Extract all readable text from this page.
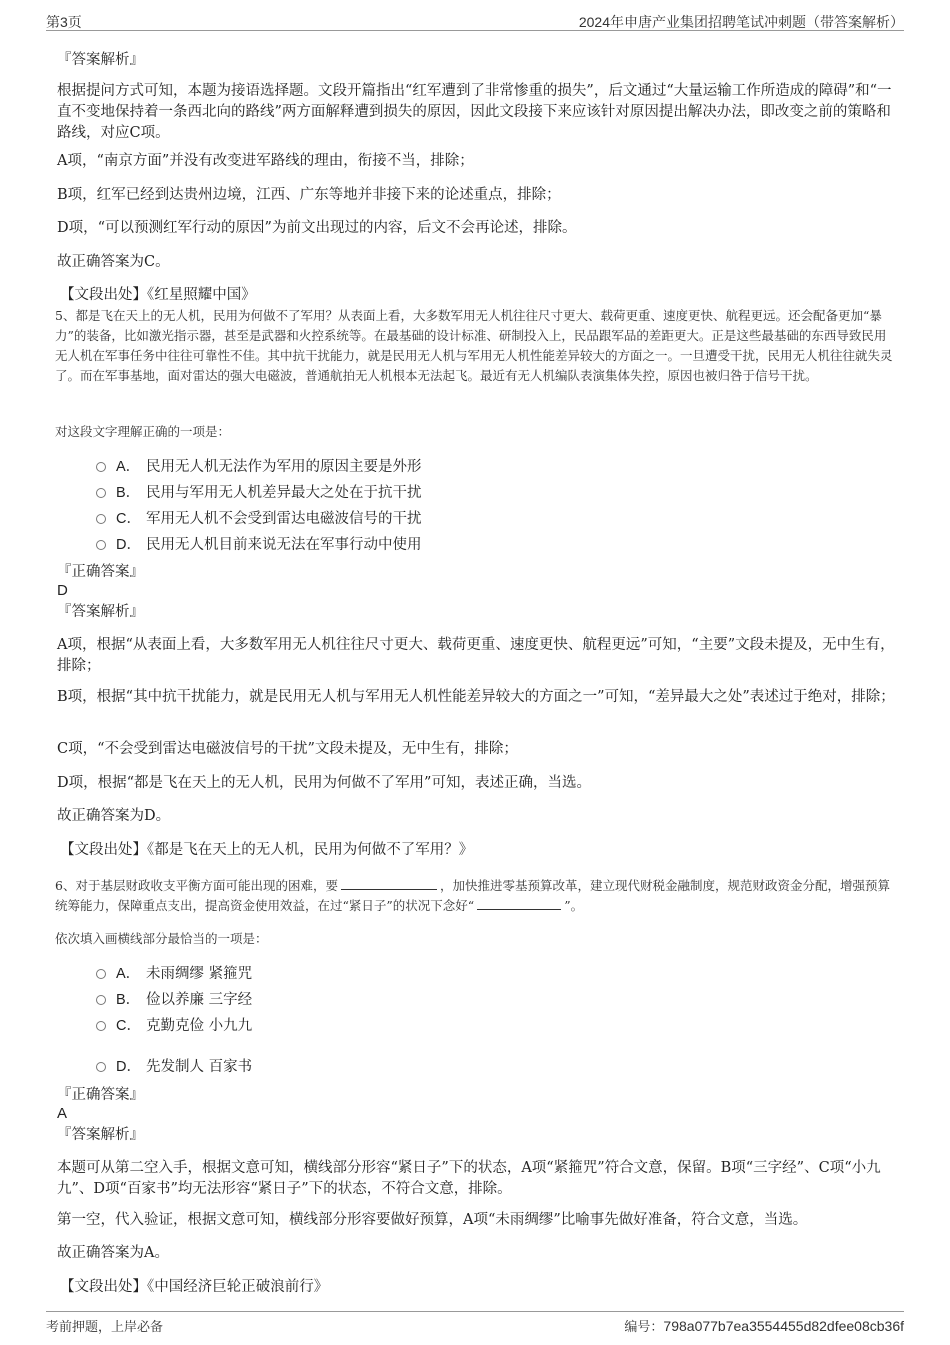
第3页	2024年申唐产业集团招聘笔试冲刺题（带答案解析）
『答案解析』
根据提问方式可知，本题为接语选择题。文段开篇指出“红军遭到了非常惨重的损失”，后文通过“大量运输工作所造成的障碍”和“一直不变地保持着一条西北向的路线”两方面解释遭到损失的原因，因此文段接下来应该针对原因提出解决办法，即改变之前的策略和路线，对应C项。
A项，“南京方面”并没有改变进军路线的理由，衔接不当，排除；
B项，红军已经到达贵州边境，江西、广东等地并非接下来的论述重点，排除；
D项，“可以预测红军行动的原因”为前文出现过的内容，后文不会再论述，排除。
故正确答案为C。
【文段出处】《红星照耀中国》
5、都是飞在天上的无人机，民用为何做不了军用？从表面上看，大多数军用无人机往往尺寸更大、载荷更重、速度更快、航程更远。还会配备更加“暴力”的装备，比如激光指示器，甚至是武器和火控系统等。在最基础的设计标准、研制投入上，民品跟军品的差距更大。正是这些最基础的东西导致民用无人机在军事任务中往往可靠性不佳。其中抗干扰能力，就是民用无人机与军用无人机性能差异较大的方面之一。一旦遭受干扰，民用无人机往往就失灵了。而在军事基地，面对雷达的强大电磁波，普通航拍无人机根本无法起飞。最近有无人机编队表演集体失控，原因也被归咎于信号干扰。
对这段文字理解正确的一项是：
A． 民用无人机无法作为军用的原因主要是外形
B． 民用与军用无人机差异最大之处在于抗干扰
C． 军用无人机不会受到雷达电磁波信号的干扰
D． 民用无人机目前来说无法在军事行动中使用
『正确答案』
D
『答案解析』
A项，根据“从表面上看，大多数军用无人机往往尺寸更大、载荷更重、速度更快、航程更远”可知，“主要”文段未提及，无中生有，排除；
B项，根据“其中抗干扰能力，就是民用无人机与军用无人机性能差异较大的方面之一”可知，“差异最大之处”表述过于绝对，排除；
C项，“不会受到雷达电磁波信号的干扰”文段未提及，无中生有，排除；
D项，根据“都是飞在天上的无人机，民用为何做不了军用”可知，表述正确，当选。
故正确答案为D。
【文段出处】《都是飞在天上的无人机，民用为何做不了军用？》
6、对于基层财政收支平衡方面可能出现的困难，要	，加快推进零基预算改革，建立现代财税金融制度，规范财政资金分配，增强预算统筹能力，保障重点支出，提高资金使用效益，在过“紧日子”的状况下念好“	”。
依次填入画横线部分最恰当的一项是：
A． 未雨绸缪 紧箍咒
B． 俭以养廉 三字经
C． 克勤克俭 小九九
D． 先发制人 百家书
『正确答案』
A
『答案解析』
本题可从第二空入手，根据文意可知，横线部分形容“紧日子”下的状态，A项“紧箍咒”符合文意，保留。B项“三字经”、C项“小九九”、D项“百家书”均无法形容“紧日子”下的状态，不符合文意，排除。
第一空，代入验证，根据文意可知，横线部分形容要做好预算，A项“未雨绸缪”比喻事先做好准备，符合文意，当选。
故正确答案为A。
【文段出处】《中国经济巨轮正破浪前行》
考前押题，上岸必备	编号：798a077b7ea3554455d82dfee08cb36f
